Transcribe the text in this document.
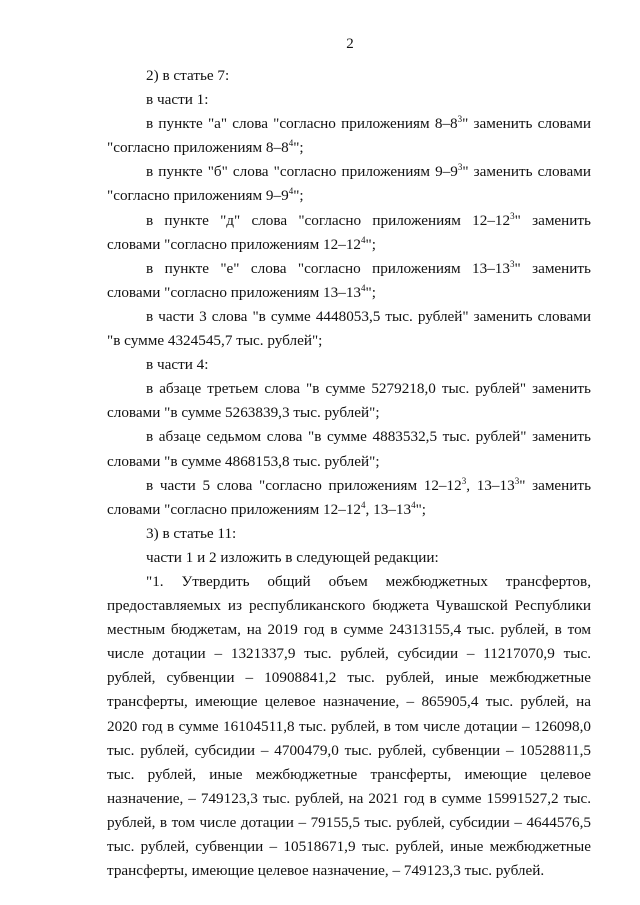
2

2) в статье 7:

в части 1:

в пункте "а" слова "согласно приложениям $8-8^3$" заменить словами "согласно приложениям $8-8^4$";

в пункте "б" слова "согласно приложениям $9-9^3$" заменить словами "согласно приложениям $9-9^4$";

в пункте "д" слова "согласно приложениям $12-12^3$" заменить словами "согласно приложениям $12-12^4$";

в пункте "е" слова "согласно приложениям $13-13^3$" заменить словами "согласно приложениям $13-13^4$";

в части 3 слова "в сумме 4448053,5 тыс. рублей" заменить словами "в сумме 4324545,7 тыс. рублей";

в части 4:

в абзаце третьем слова "в сумме 5279218,0 тыс. рублей" заменить словами "в сумме 5263839,3 тыс. рублей";

в абзаце седьмом слова "в сумме 4883532,5 тыс. рублей" заменить словами "в сумме 4868153,8 тыс. рублей";

в части 5 слова "согласно приложениям $12-12^3$, $13-13^3$" заменить словами "согласно приложениям $12-12^4$, $13-13^4$";

3) в статье 11:

части 1 и 2 изложить в следующей редакции:

"1. Утвердить общий объем межбюджетных трансфертов, предоставляемых из республиканского бюджета Чувашской Республики местным бюджетам, на 2019 год в сумме 24313155,4 тыс. рублей, в том числе дотации – 1321337,9 тыс. рублей, субсидии – 11217070,9 тыс. рублей, субвенции – 10908841,2 тыс. рублей, иные межбюджетные трансферты, имеющие целевое назначение, – 865905,4 тыс. рублей, на 2020 год в сумме 16104511,8 тыс. рублей, в том числе дотации – 126098,0 тыс. рублей, субсидии – 4700479,0 тыс. рублей, субвенции – 10528811,5 тыс. рублей, иные межбюджетные трансферты, имеющие целевое назначение, – 749123,3 тыс. рублей, на 2021 год в сумме 15991527,2 тыс. рублей, в том числе дотации – 79155,5 тыс. рублей, субсидии – 4644576,5 тыс. рублей, субвенции – 10518671,9 тыс. рублей, иные межбюджетные трансферты, имеющие целевое назначение, – 749123,3 тыс. рублей.
